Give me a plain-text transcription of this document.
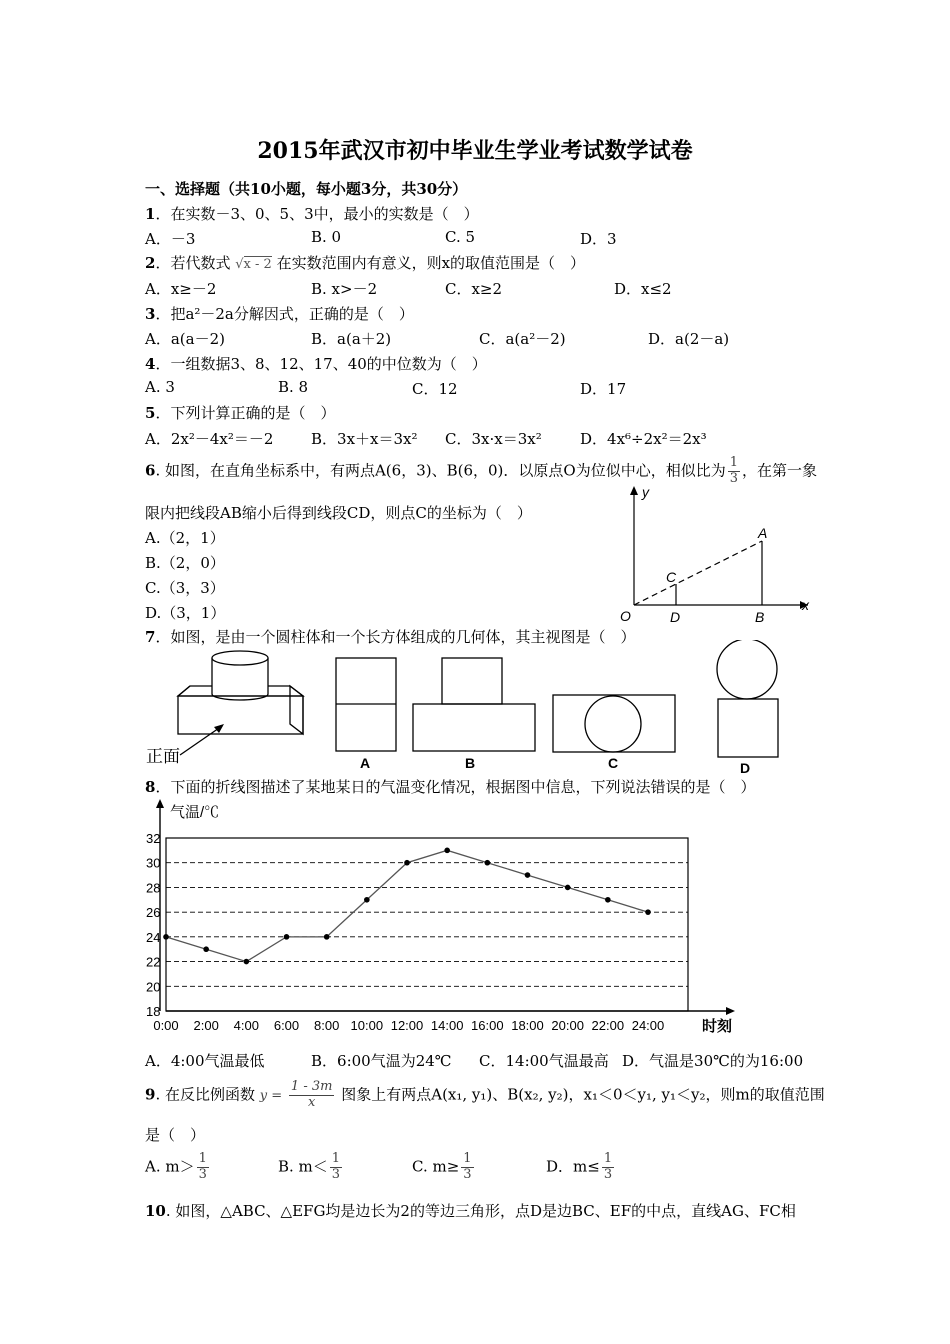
2015年武汉市初中毕业生学业考试数学试卷
一、选择题（共10小题，每小题3分，共30分）
1．在实数－3、0、5、3中，最小的实数是（　）
A．－3	B. 0	C. 5	D．3
2．若代数式 √x - 2 在实数范围内有意义，则x的取值范围是（　）
A．x≥－2	B. x>－2	C．x≥2	D．x≤2
3．把a²－2a分解因式，正确的是（　）
A．a(a－2)	B．a(a＋2)	C．a(a²－2)	D．a(2－a)
4．一组数据3、8、12、17、40的中位数为（　）
A. 3	B. 8	C．12	D．17
5．下列计算正确的是（　）
A．2x²－4x²＝－2	B．3x＋x＝3x² C．3x·x＝3x²	D．4x⁶÷2x²＝2x³
6. 如图，在直角坐标系中，有两点A(6，3)、B(6，0)．以原点O为位似中心，相似比为 $\frac{1}{3}$ ，在第一象
限内把线段AB缩小后得到线段CD，则点C的坐标为（　）
A.（2，1）
B.（2，0）
C.（3，3）
D.（3，1）
y
x
O
A
B
C
D
7．如图，是由一个圆柱体和一个长方体组成的几何体，其主视图是（　）
正面	A	B	C	D
8．下面的折线图描述了某地某日的气温变化情况，根据图中信息，下列说法错误的是（　）
气温/℃
时刻
18
20
22
24
26
28
30
32
0:00 2:00 4:00 6:00 8:00 10:00 12:00 14:00 16:00 18:00 20:00 22:00 24:00
A．4:00气温最低	B．6:00气温为24℃ C．14:00气温最高 D．气温是30℃的为16:00
9. 在反比例函数 $y = \frac{1 - 3m}{x}$ 图象上有两点A(x₁, y₁)、B(x₂, y₂)，x₁＜0＜y₁, y₁＜y₂，则m的取值范围
是（　）
A. $m> \frac{1}{3}$	B. $m< \frac{1}{3}$	C. $m\ge \frac{1}{3}$	D．$m\le \frac{1}{3}$
10. 如图，△ABC、△EFG均是边长为2的等边三角形，点D是边BC、EF的中点，直线AG、FC相
